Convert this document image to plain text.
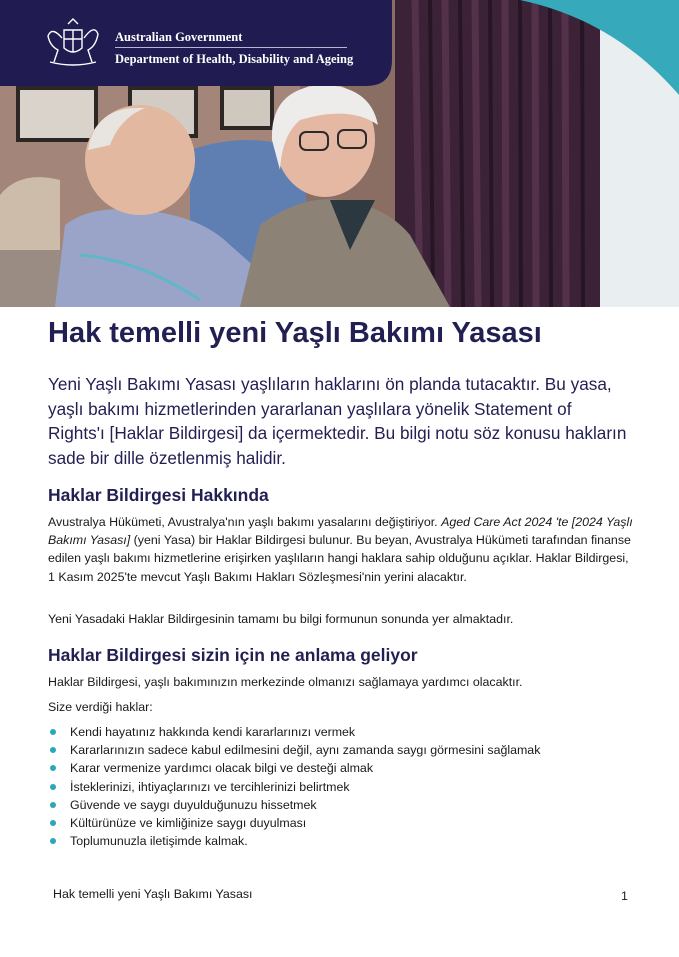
Australian Government
Department of Health, Disability and Ageing
Hak temelli yeni Yaşlı Bakımı Yasası

Yeni Yaşlı Bakımı Yasası yaşlıların haklarını ön planda tutacaktır. Bu yasa, yaşlı bakımı hizmetlerinden yararlanan yaşlılara yönelik Statement of Rights'ı [Haklar Bildirgesi] da içermektedir. Bu bilgi notu söz konusu hakların sade bir dille özetlenmiş halidir.

Haklar Bildirgesi Hakkında

Avustralya Hükümeti, Avustralya'nın yaşlı bakımı yasalarını değiştiriyor. Aged Care Act 2024 'te [2024 Yaşlı Bakımı Yasası] (yeni Yasa) bir Haklar Bildirgesi bulunur. Bu beyan, Avustralya Hükümeti tarafından finanse edilen yaşlı bakımı hizmetlerine erişirken yaşlıların hangi haklara sahip olduğunu açıklar. Haklar Bildirgesi, 1 Kasım 2025'te mevcut Yaşlı Bakımı Hakları Sözleşmesi'nin yerini alacaktır.

Yeni Yasadaki Haklar Bildirgesinin tamamı bu bilgi formunun sonunda yer almaktadır.

Haklar Bildirgesi sizin için ne anlama geliyor

Haklar Bildirgesi, yaşlı bakımınızın merkezinde olmanızı sağlamaya yardımcı olacaktır.

Size verdiği haklar:

Kendi hayatınız hakkında kendi kararlarınızı vermek
Kararlarınızın sadece kabul edilmesini değil, aynı zamanda saygı görmesini sağlamak
Karar vermenize yardımcı olacak bilgi ve desteği almak
İsteklerinizi, ihtiyaçlarınızı ve tercihlerinizi belirtmek
Güvende ve saygı duyulduğunuzu hissetmek
Kültürünüze ve kimliğinize saygı duyulması
Toplumunuzla iletişimde kalmak.
Hak temelli yeni Yaşlı Bakımı Yasası	1
